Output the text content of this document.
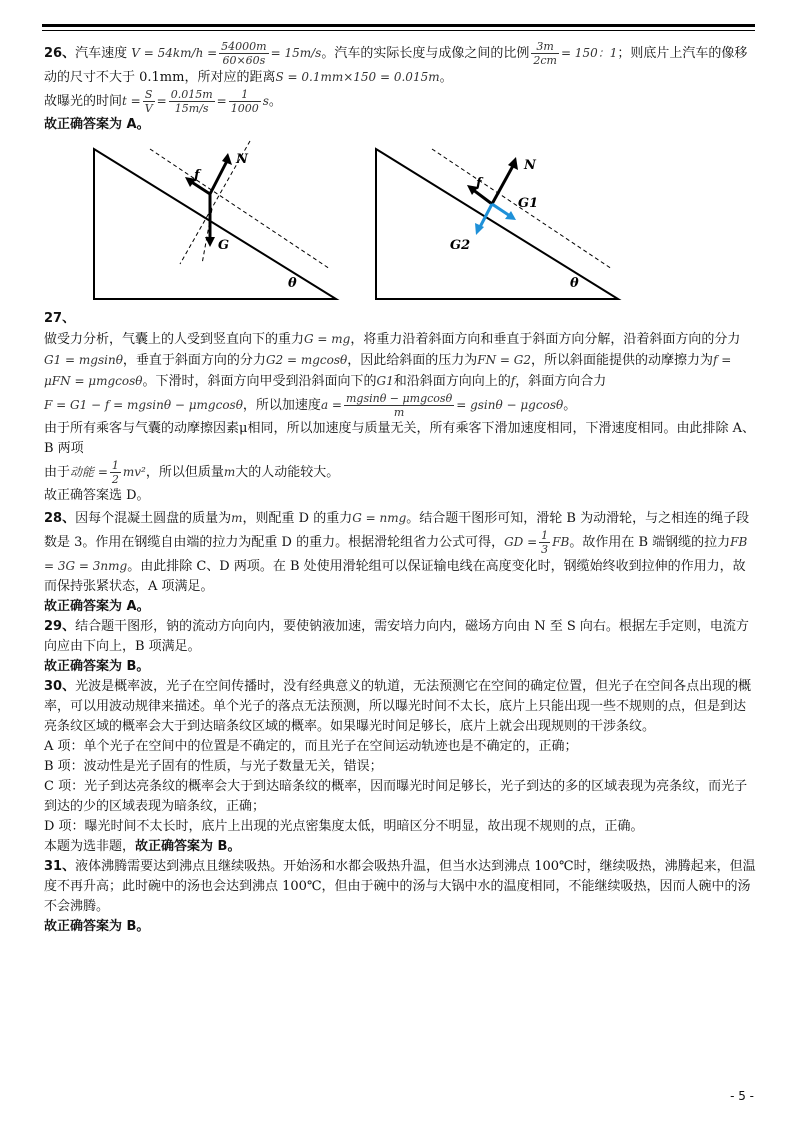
26、汽车速度 $V = 54km/h = \frac{54000m}{60\times 60s} = 15m/s$。汽车的实际长度与成像之间的比例 $\frac{3m}{2cm} = 150$：1；则底片上汽车的像移动的尺寸不大于 0.1mm，所对应的距离S = 0.1mm×150 = 0.015m。

故曝光的时间$t = \frac{S}{V} = \frac{0.015m}{15m/s} = \frac{1}{1000}$ s。

故正确答案为 A。

N
f
G
θ
N
f
G1
G2
θ

27、

做受力分析，气囊上的人受到竖直向下的重力G = mg，将重力沿着斜面方向和垂直于斜面方向分解，沿着斜面方向的分力G1 = mgsinθ，垂直于斜面方向的分力G2 = mgcosθ，因此给斜面的压力为FN = G2，所以斜面能提供的动摩擦力为f = μFN = μmgcosθ。下滑时，斜面方向甲受到沿斜面向下的G1和沿斜面方向向上的f，斜面方向合力
F = G1 − f = mgsinθ − μmgcosθ，所以加速度$a = \frac{\text{mgsinθ − μmgcosθ}}{m} = gsin\theta - \mu gcos\theta$。

由于所有乘客与气囊的动摩擦因素μ相同，所以加速度与质量无关，所有乘客下滑加速度相同，下滑速度相同。由此排除 A、B 两项

由于动能 = $\frac{1}{2} mv^2$，所以但质量m大的人动能较大。

故正确答案选 D。

28、因每个混凝土圆盘的质量为m，则配重 D 的重力G = nmg。结合题干图形可知，滑轮 B 为动滑轮，与之相连的绳子段数是 3。作用在钢缆自由端的拉力为配重 D 的重力。根据滑轮组省力公式可得，GD = $\frac{1}{3}$ FB。故作用在 B 端钢缆的拉力FB = 3G = 3nmg。由此排除 C、D 两项。在 B 处使用滑轮组可以保证输电线在高度变化时，钢缆始终收到拉伸的作用力，故而保持张紧状态，A 项满足。

故正确答案为 A。

29、结合题干图形，钠的流动方向向内，要使钠液加速，需安培力向内，磁场方向由 N 至 S 向右。根据左手定则，电流方向应由下向上，B 项满足。

故正确答案为 B。

30、光波是概率波，光子在空间传播时，没有经典意义的轨道，无法预测它在空间的确定位置，但光子在空间各点出现的概率，可以用波动规律来描述。单个光子的落点无法预测，所以曝光时间不太长，底片上只能出现一些不规则的点，但是到达亮条纹区域的概率会大于到达暗条纹区域的概率。如果曝光时间足够长，底片上就会出现规则的干涉条纹。

A 项：单个光子在空间中的位置是不确定的，而且光子在空间运动轨迹也是不确定的，正确；

B 项：波动性是光子固有的性质，与光子数量无关，错误；

C 项：光子到达亮条纹的概率会大于到达暗条纹的概率，因而曝光时间足够长，光子到达的多的区域表现为亮条纹，而光子到达的少的区域表现为暗条纹，正确；

D 项：曝光时间不太长时，底片上出现的光点密集度太低，明暗区分不明显，故出现不规则的点，正确。

本题为选非题，故正确答案为 B。

31、液体沸腾需要达到沸点且继续吸热。开始汤和水都会吸热升温，但当水达到沸点 100℃时，继续吸热，沸腾起来，但温度不再升高；此时碗中的汤也会达到沸点 100℃，但由于碗中的汤与大锅中水的温度相同，不能继续吸热，因而人碗中的汤不会沸腾。

故正确答案为 B。

- 5 -
